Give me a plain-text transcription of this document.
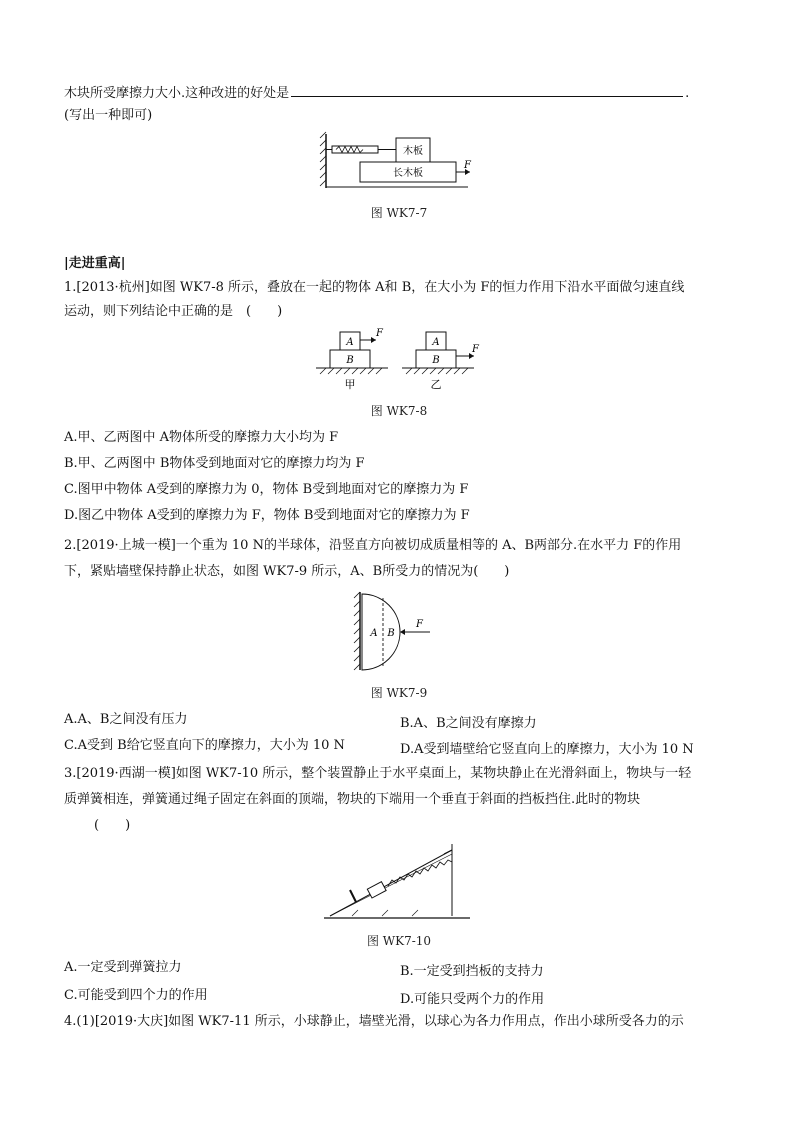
木块所受摩擦力大小.这种改进的好处是	.
(写出一种即可)
木板
长木板
F
图 WK7-7
|走进重高|
1.[2013·杭州]如图 WK7-8 所示，叠放在一起的物体 A和 B，在大小为 F的恒力作用下沿水平面做匀速直线
运动，则下列结论中正确的是　(　　)
A
B
F
甲
A
B
F
乙
图 WK7-8
A.甲、乙两图中 A物体所受的摩擦力大小均为 F
B.甲、乙两图中 B物体受到地面对它的摩擦力均为 F
C.图甲中物体 A受到的摩擦力为 0，物体 B受到地面对它的摩擦力为 F
D.图乙中物体 A受到的摩擦力为 F，物体 B受到地面对它的摩擦力为 F
2.[2019·上城一模]一个重为 10 N的半球体，沿竖直方向被切成质量相等的 A、B两部分.在水平力 F的作用
下，紧贴墙壁保持静止状态，如图 WK7-9 所示，A、B所受力的情况为(　　)
A B
F
图 WK7-9
A.A、B之间没有压力	B.A、B之间没有摩擦力
C.A受到 B给它竖直向下的摩擦力，大小为 10 N	D.A受到墙壁给它竖直向上的摩擦力，大小为 10 N
3.[2019·西湖一模]如图 WK7-10 所示，整个装置静止于水平桌面上，某物块静止在光滑斜面上，物块与一轻
质弹簧相连，弹簧通过绳子固定在斜面的顶端，物块的下端用一个垂直于斜面的挡板挡住.此时的物块
(　　)
图 WK7-10
A.一定受到弹簧拉力	B.一定受到挡板的支持力
C.可能受到四个力的作用	D.可能只受两个力的作用
4.(1)[2019·大庆]如图 WK7-11 所示，小球静止，墙壁光滑，以球心为各力作用点，作出小球所受各力的示
